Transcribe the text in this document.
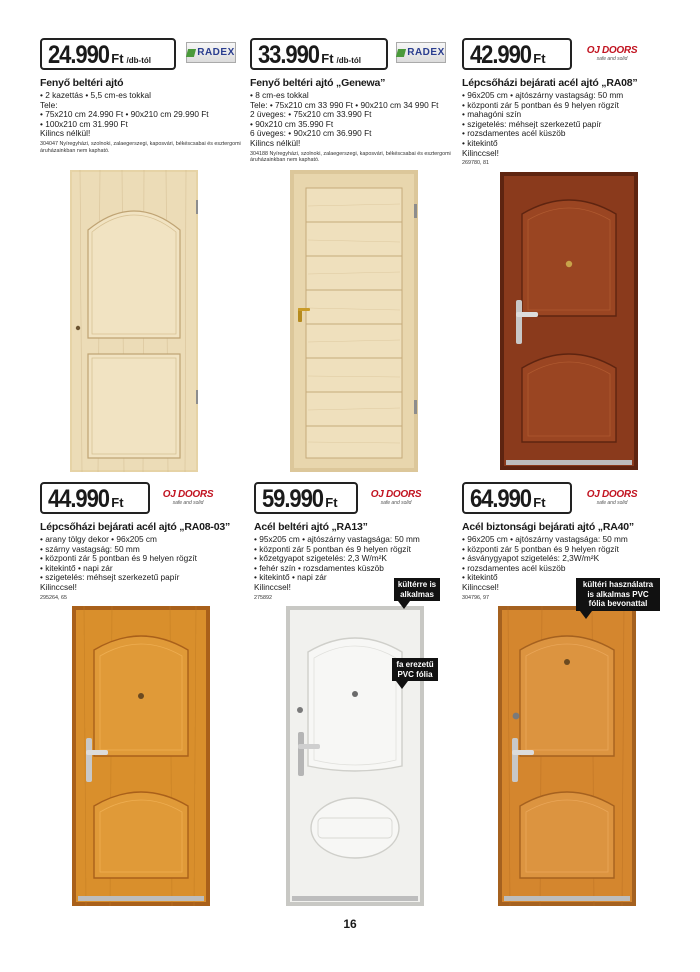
24.990 Ft /db-tól
RADEX
Fenyő beltéri ajtó
• 2 kazettás • 5,5 cm-es tokkal
Tele:
• 75x210 cm 24.990 Ft • 90x210 cm 29.990 Ft
• 100x210 cm 31.990 Ft
Kilincs nélkül!
304047 Nyíregyházi, szolnoki, zalaegerszegi, kaposvári, békéscsabai és esztergomi áruházainkban nem kapható.
33.990 Ft /db-tól
RADEX
Fenyő beltéri ajtó „Genewa”
• 8 cm-es tokkal
Tele: • 75x210 cm 33 990 Ft • 90x210 cm 34 990 Ft
2 üveges: • 75x210 cm 33.990 Ft
• 90x210 cm 35.990 Ft
6 üveges: • 90x210 cm 36.990 Ft
Kilincs nélkül!
304188 Nyíregyházi, szolnoki, zalaegerszegi, kaposvári, békéscsabai és esztergomi áruházainkban nem kapható.
42.990 Ft
OJ DOORS
safe and solid
Lépcsőházi bejárati acél ajtó „RA08”
• 96x205 cm • ajtószárny vastagság: 50 mm
• központi zár 5 pontban és 9 helyen rögzít
• mahagóni szín
• szigetelés: méhsejt szerkezetű papír
• rozsdamentes acél küszöb
• kitekintő
Kilinccsel!
269780, 81
44.990 Ft
OJ DOORS
safe and solid
Lépcsőházi bejárati acél ajtó „RA08-03”
• arany tölgy dekor • 96x205 cm
• szárny vastagság: 50 mm
• központi zár 5 pontban és 9 helyen rögzít
• kitekintő • napi zár
• szigetelés: méhsejt szerkezetű papír
Kilinccsel!
295264, 65
59.990 Ft
OJ DOORS
safe and solid
Acél beltéri ajtó „RA13”
• 95x205 cm • ajtószárny vastagsága: 50 mm
• központi zár 5 pontban és 9 helyen rögzít
• kőzetgyapot szigetelés: 2,3 W/m²K
• fehér szín • rozsdamentes küszöb
• kitekintő • napi zár
Kilinccsel!
275892
kültérre is alkalmas
fa erezetű PVC fólia
64.990 Ft
OJ DOORS
safe and solid
Acél biztonsági bejárati ajtó „RA40”
• 96x205 cm • ajtószárny vastagsága: 50 mm
• központi zár 5 pontban és 9 helyen rögzít
• ásványgyapot szigetelés: 2,3W/m²K
• rozsdamentes acél küszöb
• kitekintő
Kilinccsel!
304796, 97
kültéri használatra is alkalmas PVC fólia bevonattal
16
